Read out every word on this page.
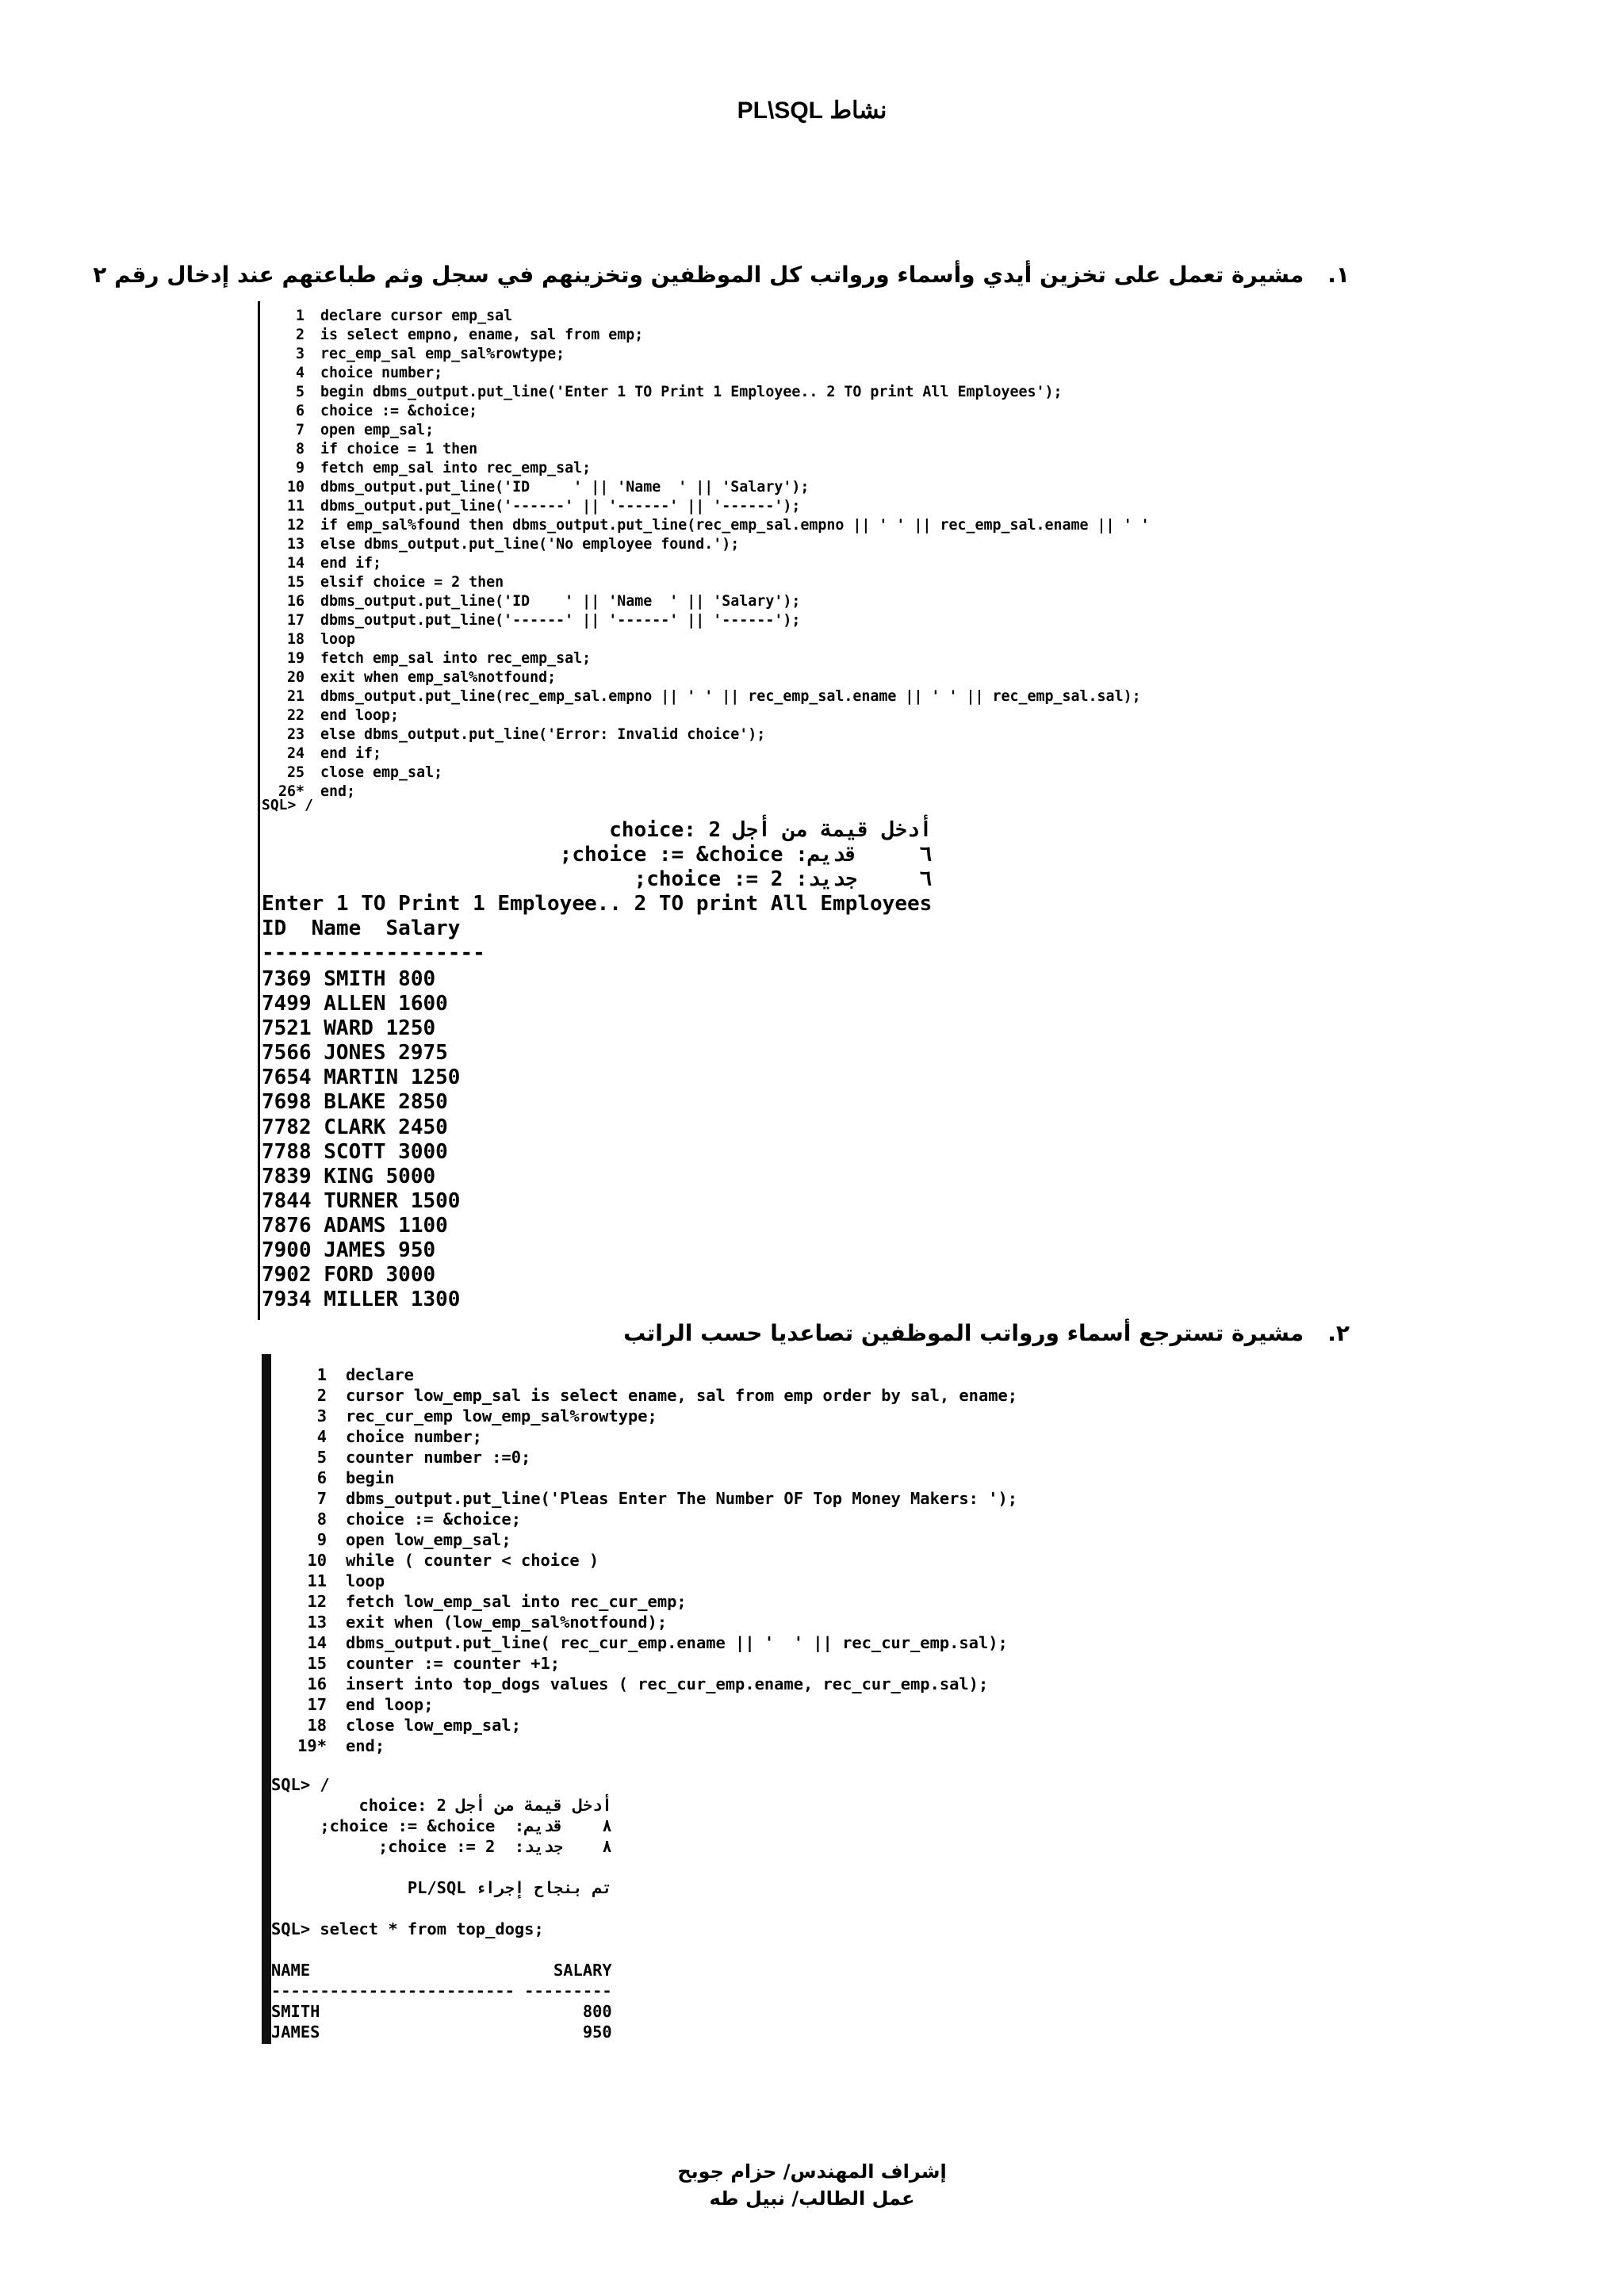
نشاط PL\SQL
١.مشيرة تعمل على تخزين أيدي وأسماء ورواتب كل الموظفين وتخزينهم في سجل وثم طباعتهم عند إدخال رقم ٢
1 declare cursor emp_sal
2 is select empno, ename, sal from emp;
3 rec_emp_sal emp_sal%rowtype;
4 choice number;
5 begin dbms_output.put_line('Enter 1 TO Print 1 Employee.. 2 TO print All Employees');
6 choice := &choice;
7 open emp_sal;
8 if choice = 1 then
9 fetch emp_sal into rec_emp_sal;
10 dbms_output.put_line('ID     ' || 'Name  ' || 'Salary');
11 dbms_output.put_line('------' || '------' || '------');
12 if emp_sal%found then dbms_output.put_line(rec_emp_sal.empno || ' ' || rec_emp_sal.ename || ' '
13 else dbms_output.put_line('No employee found.');
14 end if;
15 elsif choice = 2 then
16 dbms_output.put_line('ID    ' || 'Name  ' || 'Salary');
17 dbms_output.put_line('------' || '------' || '------');
18 loop
19 fetch emp_sal into rec_emp_sal;
20 exit when emp_sal%notfound;
21 dbms_output.put_line(rec_emp_sal.empno || ' ' || rec_emp_sal.ename || ' ' || rec_emp_sal.sal);
22 end loop;
23 else dbms_output.put_line('Error: Invalid choice');
24 end if;
25 close emp_sal;
26* end;
SQL> /
أدخل قيمة من أجل choice: 2
٦     قديم: choice := &choice;
٦     جديد: choice := 2;
Enter 1 TO Print 1 Employee.. 2 TO print All Employees
ID  Name  Salary
------------------
7369 SMITH 800
7499 ALLEN 1600
7521 WARD 1250
7566 JONES 2975
7654 MARTIN 1250
7698 BLAKE 2850
7782 CLARK 2450
7788 SCOTT 3000
7839 KING 5000
7844 TURNER 1500
7876 ADAMS 1100
7900 JAMES 950
7902 FORD 3000
7934 MILLER 1300
٢.مشيرة تسترجع أسماء ورواتب الموظفين تصاعديا حسب الراتب
1 declare
2 cursor low_emp_sal is select ename, sal from emp order by sal, ename;
3 rec_cur_emp low_emp_sal%rowtype;
4 choice number;
5 counter number :=0;
6 begin
7 dbms_output.put_line('Pleas Enter The Number OF Top Money Makers: ');
8 choice := &choice;
9 open low_emp_sal;
10 while ( counter < choice )
11 loop
12 fetch low_emp_sal into rec_cur_emp;
13 exit when (low_emp_sal%notfound);
14 dbms_output.put_line( rec_cur_emp.ename || '  ' || rec_cur_emp.sal);
15 counter := counter +1;
16 insert into top_dogs values ( rec_cur_emp.ename, rec_cur_emp.sal);
17 end loop;
18 close low_emp_sal;
19* end;
SQL> /
أدخل قيمة من أجل choice: 2
٨    قديم:  choice := &choice;
٨    جديد:  choice := 2;

تم بنجاح إجراء PL/SQL

SQL> select * from top_dogs;

NAME                         SALARY
------------------------- ---------
SMITH                           800
JAMES                           950
إشراف المهندس/ حزام جوبح
عمل الطالب/ نبيل طه
